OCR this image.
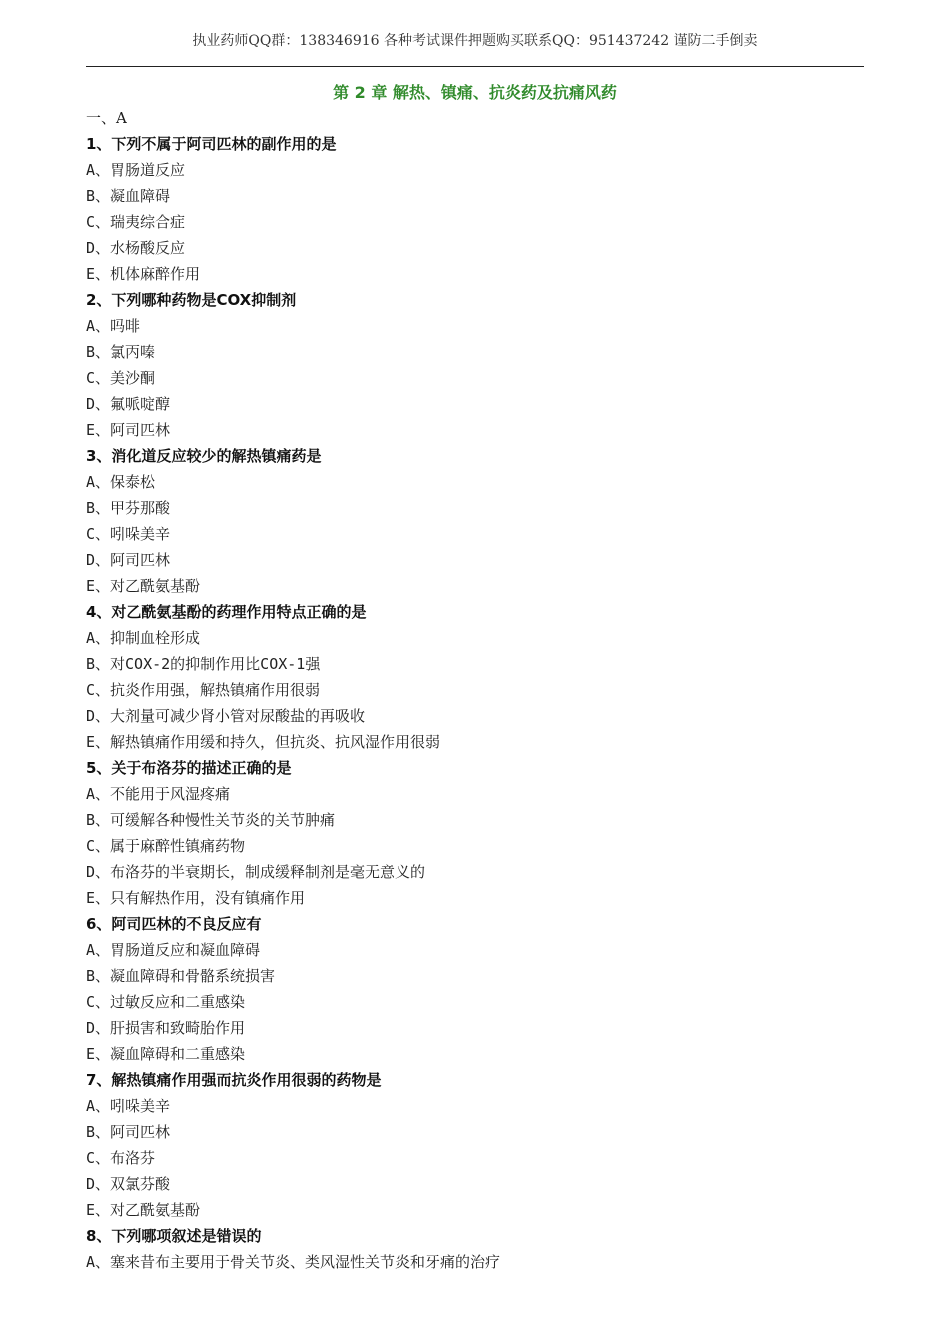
执业药师QQ群：138346916 各种考试课件押题购买联系QQ：951437242 谨防二手倒卖
第 2 章 解热、镇痛、抗炎药及抗痛风药
一、A
1、下列不属于阿司匹林的副作用的是
A、胃肠道反应
B、凝血障碍
C、瑞夷综合症
D、水杨酸反应
E、机体麻醉作用
2、下列哪种药物是COX抑制剂
A、吗啡
B、氯丙嗪
C、美沙酮
D、氟哌啶醇
E、阿司匹林
3、消化道反应较少的解热镇痛药是
A、保泰松
B、甲芬那酸
C、吲哚美辛
D、阿司匹林
E、对乙酰氨基酚
4、对乙酰氨基酚的药理作用特点正确的是
A、抑制血栓形成
B、对COX-2的抑制作用比COX-1强
C、抗炎作用强，解热镇痛作用很弱
D、大剂量可减少肾小管对尿酸盐的再吸收
E、解热镇痛作用缓和持久，但抗炎、抗风湿作用很弱
5、关于布洛芬的描述正确的是
A、不能用于风湿疼痛
B、可缓解各种慢性关节炎的关节肿痛
C、属于麻醉性镇痛药物
D、布洛芬的半衰期长，制成缓释制剂是毫无意义的
E、只有解热作用，没有镇痛作用
6、阿司匹林的不良反应有
A、胃肠道反应和凝血障碍
B、凝血障碍和骨骼系统损害
C、过敏反应和二重感染
D、肝损害和致畸胎作用
E、凝血障碍和二重感染
7、解热镇痛作用强而抗炎作用很弱的药物是
A、吲哚美辛
B、阿司匹林
C、布洛芬
D、双氯芬酸
E、对乙酰氨基酚
8、下列哪项叙述是错误的
A、塞来昔布主要用于骨关节炎、类风湿性关节炎和牙痛的治疗
